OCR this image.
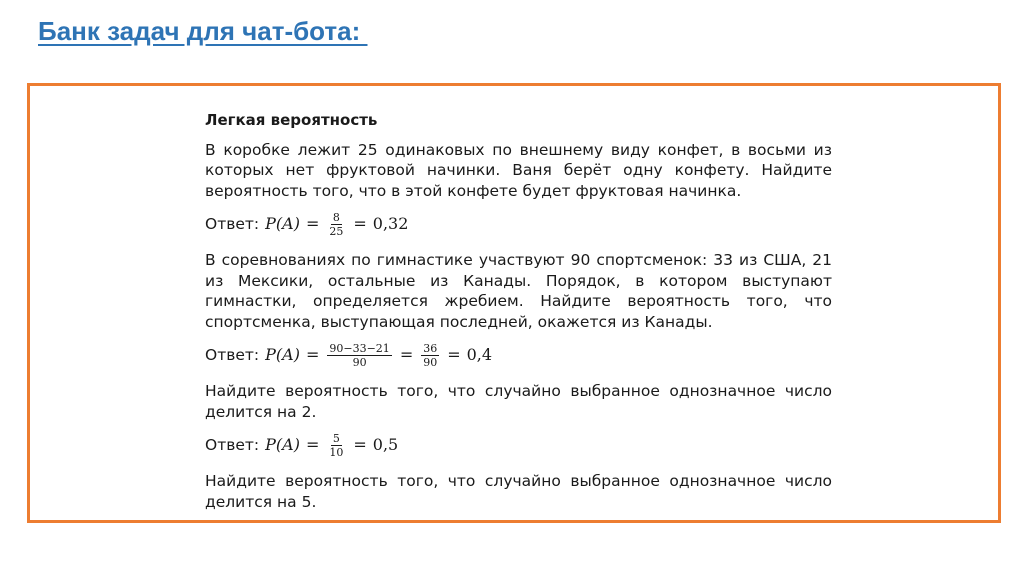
Банк задач для чат-бота:

Легкая вероятность

В коробке лежит 25 одинаковых по внешнему виду конфет, в восьми из которых нет фруктовой начинки. Ваня берёт одну конфету. Найдите вероятность того, что в этой конфете будет фруктовая начинка.

Ответ: $P(A) = \frac{8}{25} = 0,32$

В соревнованиях по гимнастике участвуют 90 спортсменок: 33 из США, 21 из Мексики, остальные из Канады. Порядок, в котором выступают гимнастки, определяется жребием. Найдите вероятность того, что спортсменка, выступающая последней, окажется из Канады.

Ответ: $P(A) = \frac{90-33-21}{90} = \frac{36}{90} = 0,4$

Найдите вероятность того, что случайно выбранное однозначное число делится на 2.

Ответ: $P(A) = \frac{5}{10} = 0,5$

Найдите вероятность того, что случайно выбранное однозначное число делится на 5.
